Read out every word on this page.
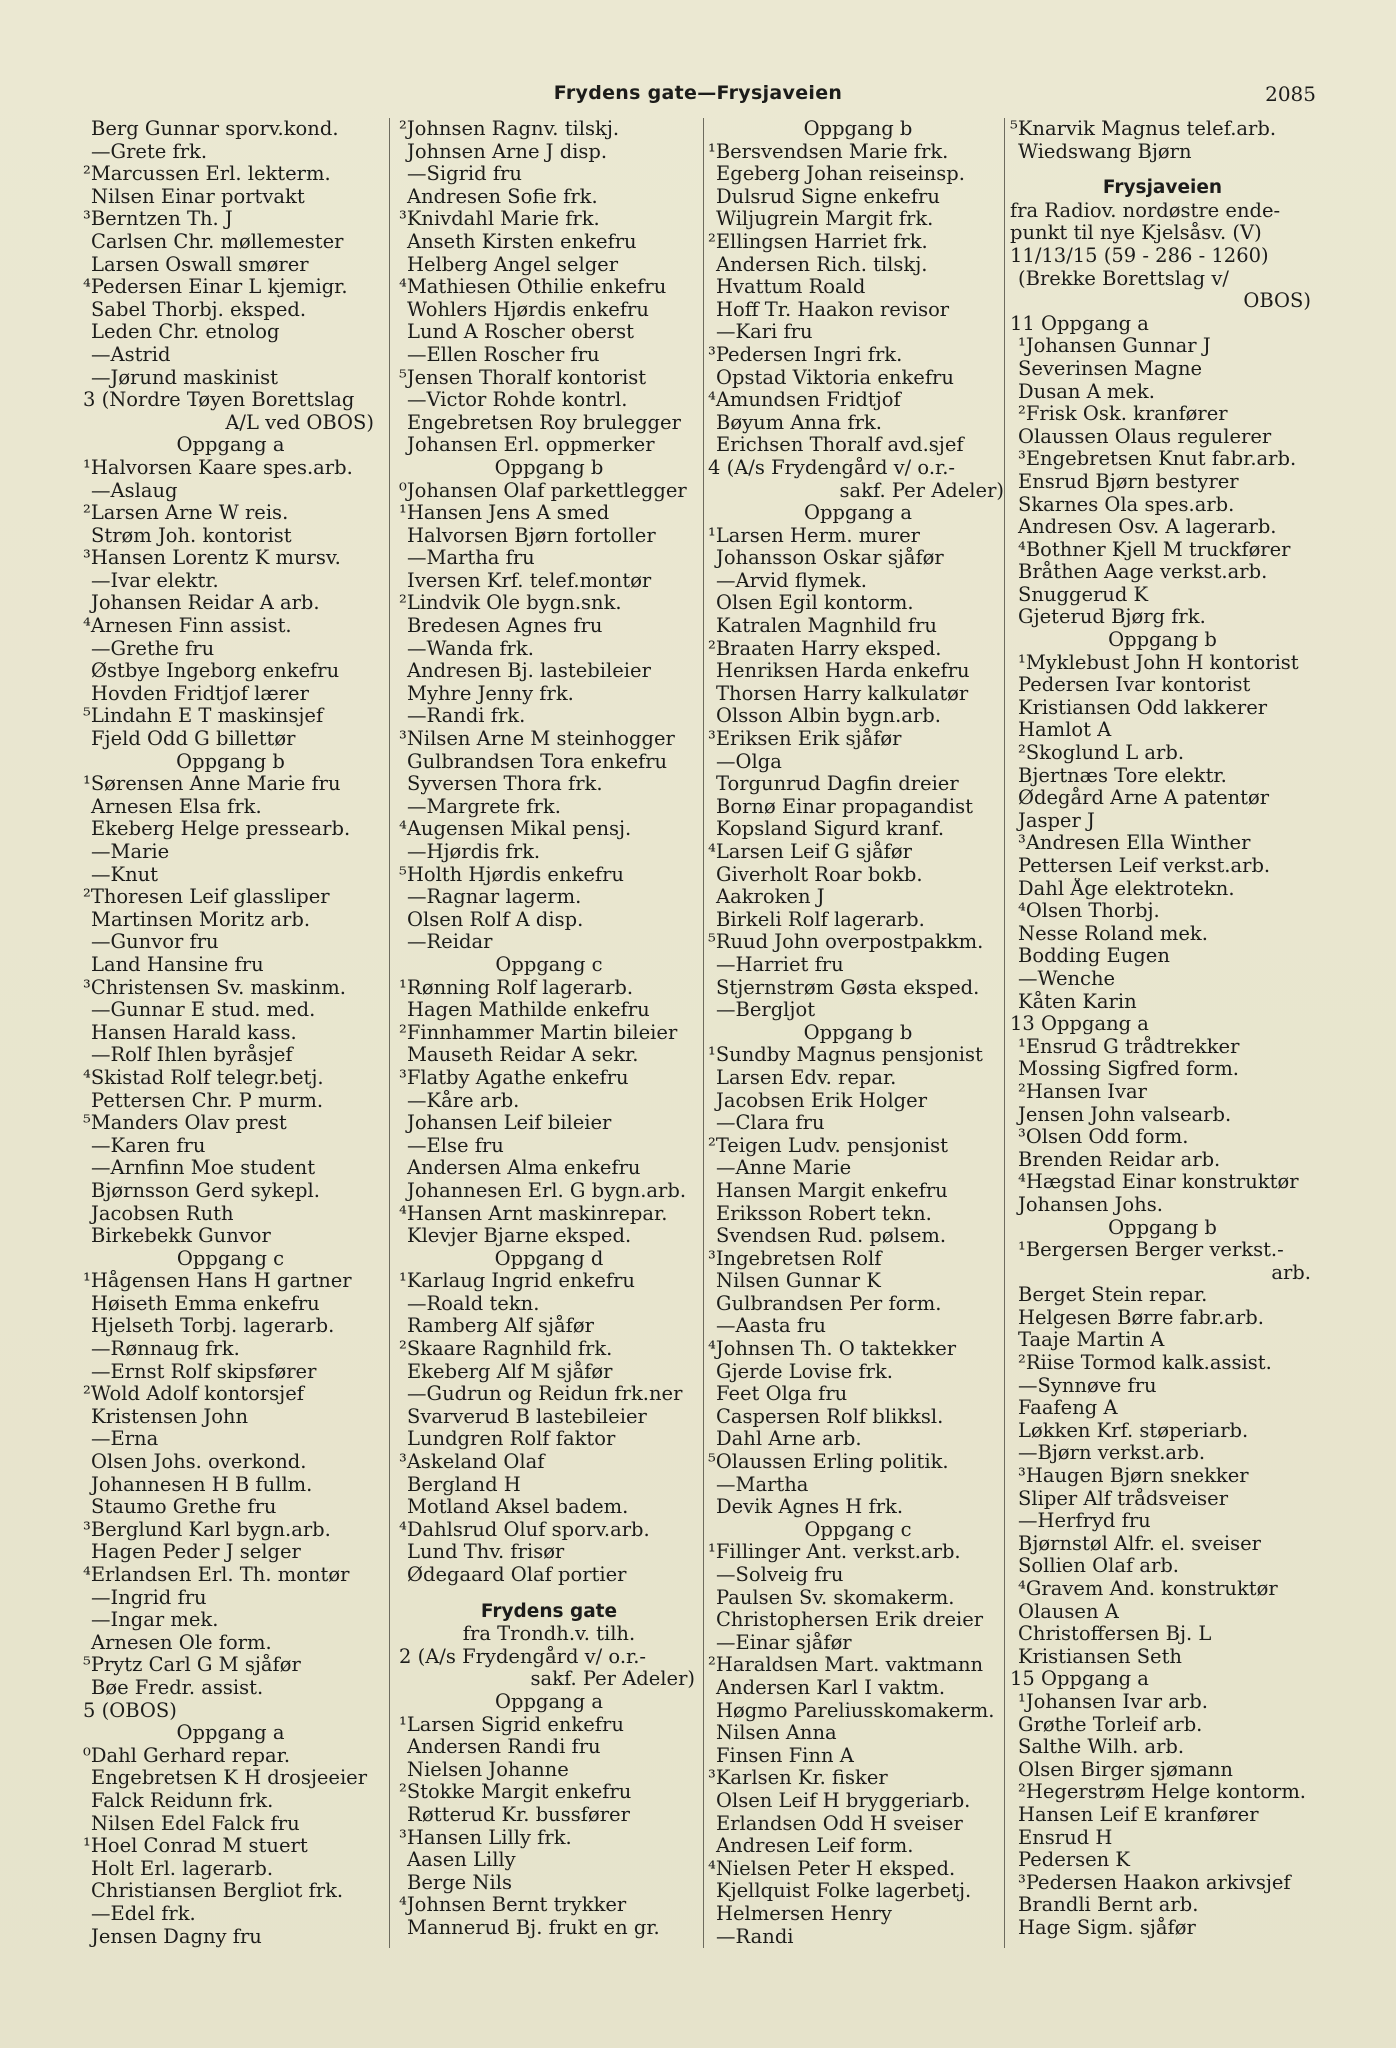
Frydens gate—Frysjaveien	2085
Berg Gunnar sporv.kond.
—Grete frk.
²Marcussen Erl. lekterm.
Nilsen Einar portvakt
³Berntzen Th. J
Carlsen Chr. møllemester
Larsen Oswall smører
⁴Pedersen Einar L kjemigr.
Sabel Thorbj. eksped.
Leden Chr. etnolog
—Astrid
—Jørund maskinist
3 (Nordre Tøyen Borettslag
A/L ved OBOS)
Oppgang a
¹Halvorsen Kaare spes.arb.
—Aslaug
²Larsen Arne W reis.
Strøm Joh. kontorist
³Hansen Lorentz K mursv.
—Ivar elektr.
Johansen Reidar A arb.
⁴Arnesen Finn assist.
—Grethe fru
Østbye Ingeborg enkefru
Hovden Fridtjof lærer
⁵Lindahn E T maskinsjef
Fjeld Odd G billettør
Oppgang b
¹Sørensen Anne Marie fru
Arnesen Elsa frk.
Ekeberg Helge pressearb.
—Marie
—Knut
²Thoresen Leif glassliper
Martinsen Moritz arb.
—Gunvor fru
Land Hansine fru
³Christensen Sv. maskinm.
—Gunnar E stud. med.
Hansen Harald kass.
—Rolf Ihlen byråsjef
⁴Skistad Rolf telegr.betj.
Pettersen Chr. P murm.
⁵Manders Olav prest
—Karen fru
—Arnfinn Moe student
Bjørnsson Gerd sykepl.
Jacobsen Ruth
Birkebekk Gunvor
Oppgang c
¹Hågensen Hans H gartner
Høiseth Emma enkefru
Hjelseth Torbj. lagerarb.
—Rønnaug frk.
—Ernst Rolf skipsfører
²Wold Adolf kontorsjef
Kristensen John
—Erna
Olsen Johs. overkond.
Johannesen H B fullm.
Staumo Grethe fru
³Berglund Karl bygn.arb.
Hagen Peder J selger
⁴Erlandsen Erl. Th. montør
—Ingrid fru
—Ingar mek.
Arnesen Ole form.
⁵Prytz Carl G M sjåfør
Bøe Fredr. assist.
5 (OBOS)
Oppgang a
⁰Dahl Gerhard repar.
Engebretsen K H drosjeeier
Falck Reidunn frk.
Nilsen Edel Falck fru
¹Hoel Conrad M stuert
Holt Erl. lagerarb.
Christiansen Bergliot frk.
—Edel frk.
Jensen Dagny fru
²Johnsen Ragnv. tilskj.
Johnsen Arne J disp.
—Sigrid fru
Andresen Sofie frk.
³Knivdahl Marie frk.
Anseth Kirsten enkefru
Helberg Angel selger
⁴Mathiesen Othilie enkefru
Wohlers Hjørdis enkefru
Lund A Roscher oberst
—Ellen Roscher fru
⁵Jensen Thoralf kontorist
—Victor Rohde kontrl.
Engebretsen Roy brulegger
Johansen Erl. oppmerker
Oppgang b
⁰Johansen Olaf parkettlegger
¹Hansen Jens A smed
Halvorsen Bjørn fortoller
—Martha fru
Iversen Krf. telef.montør
²Lindvik Ole bygn.snk.
Bredesen Agnes fru
—Wanda frk.
Andresen Bj. lastebileier
Myhre Jenny frk.
—Randi frk.
³Nilsen Arne M steinhogger
Gulbrandsen Tora enkefru
Syversen Thora frk.
—Margrete frk.
⁴Augensen Mikal pensj.
—Hjørdis frk.
⁵Holth Hjørdis enkefru
—Ragnar lagerm.
Olsen Rolf A disp.
—Reidar
Oppgang c
¹Rønning Rolf lagerarb.
Hagen Mathilde enkefru
²Finnhammer Martin bileier
Mauseth Reidar A sekr.
³Flatby Agathe enkefru
—Kåre arb.
Johansen Leif bileier
—Else fru
Andersen Alma enkefru
Johannesen Erl. G bygn.arb.
⁴Hansen Arnt maskinrepar.
Klevjer Bjarne eksped.
Oppgang d
¹Karlaug Ingrid enkefru
—Roald tekn.
Ramberg Alf sjåfør
²Skaare Ragnhild frk.
Ekeberg Alf M sjåfør
—Gudrun og Reidun frk.ner
Svarverud B lastebileier
Lundgren Rolf faktor
³Askeland Olaf
Bergland H
Motland Aksel badem.
⁴Dahlsrud Oluf sporv.arb.
Lund Thv. frisør
Ødegaard Olaf portier
Frydens gate
fra Trondh.v. tilh.
2 (A/s Frydengård v/ o.r.-
sakf. Per Adeler)
Oppgang a
¹Larsen Sigrid enkefru
Andersen Randi fru
Nielsen Johanne
²Stokke Margit enkefru
Røtterud Kr. bussfører
³Hansen Lilly frk.
Aasen Lilly
Berge Nils
⁴Johnsen Bernt trykker
Mannerud Bj. frukt en gr.
Oppgang b
¹Bersvendsen Marie frk.
Egeberg Johan reiseinsp.
Dulsrud Signe enkefru
Wiljugrein Margit frk.
²Ellingsen Harriet frk.
Andersen Rich. tilskj.
Hvattum Roald
Hoff Tr. Haakon revisor
—Kari fru
³Pedersen Ingri frk.
Opstad Viktoria enkefru
⁴Amundsen Fridtjof
Bøyum Anna frk.
Erichsen Thoralf avd.sjef
4 (A/s Frydengård v/ o.r.-
sakf. Per Adeler)
Oppgang a
¹Larsen Herm. murer
Johansson Oskar sjåfør
—Arvid flymek.
Olsen Egil kontorm.
Katralen Magnhild fru
²Braaten Harry eksped.
Henriksen Harda enkefru
Thorsen Harry kalkulatør
Olsson Albin bygn.arb.
³Eriksen Erik sjåfør
—Olga
Torgunrud Dagfin dreier
Bornø Einar propagandist
Kopsland Sigurd kranf.
⁴Larsen Leif G sjåfør
Giverholt Roar bokb.
Aakroken J
Birkeli Rolf lagerarb.
⁵Ruud John overpostpakkm.
—Harriet fru
Stjernstrøm Gøsta eksped.
—Bergljot
Oppgang b
¹Sundby Magnus pensjonist
Larsen Edv. repar.
Jacobsen Erik Holger
—Clara fru
²Teigen Ludv. pensjonist
—Anne Marie
Hansen Margit enkefru
Eriksson Robert tekn.
Svendsen Rud. pølsem.
³Ingebretsen Rolf
Nilsen Gunnar K
Gulbrandsen Per form.
—Aasta fru
⁴Johnsen Th. O taktekker
Gjerde Lovise frk.
Feet Olga fru
Caspersen Rolf blikksl.
Dahl Arne arb.
⁵Olaussen Erling politik.
—Martha
Devik Agnes H frk.
Oppgang c
¹Fillinger Ant. verkst.arb.
—Solveig fru
Paulsen Sv. skomakerm.
Christophersen Erik dreier
—Einar sjåfør
²Haraldsen Mart. vaktmann
Andersen Karl I vaktm.
Høgmo Pareliusskomakerm.
Nilsen Anna
Finsen Finn A
³Karlsen Kr. fisker
Olsen Leif H bryggeriarb.
Erlandsen Odd H sveiser
Andresen Leif form.
⁴Nielsen Peter H eksped.
Kjellquist Folke lagerbetj.
Helmersen Henry
—Randi
⁵Knarvik Magnus telef.arb.
Wiedswang Bjørn
Frysjaveien
fra Radiov. nordøstre ende-
punkt til nye Kjelsåsv. (V)
11/13/15 (59 - 286 - 1260)
(Brekke Borettslag v/
OBOS)
11 Oppgang a
¹Johansen Gunnar J
Severinsen Magne
Dusan A mek.
²Frisk Osk. kranfører
Olaussen Olaus regulerer
³Engebretsen Knut fabr.arb.
Ensrud Bjørn bestyrer
Skarnes Ola spes.arb.
Andresen Osv. A lagerarb.
⁴Bothner Kjell M truckfører
Bråthen Aage verkst.arb.
Snuggerud K
Gjeterud Bjørg frk.
Oppgang b
¹Myklebust John H kontorist
Pedersen Ivar kontorist
Kristiansen Odd lakkerer
Hamlot A
²Skoglund L arb.
Bjertnæs Tore elektr.
Ødegård Arne A patentør
Jasper J
³Andresen Ella Winther
Pettersen Leif verkst.arb.
Dahl Åge elektrotekn.
⁴Olsen Thorbj.
Nesse Roland mek.
Bodding Eugen
—Wenche
Kåten Karin
13 Oppgang a
¹Ensrud G trådtrekker
Mossing Sigfred form.
²Hansen Ivar
Jensen John valsearb.
³Olsen Odd form.
Brenden Reidar arb.
⁴Hægstad Einar konstruktør
Johansen Johs.
Oppgang b
¹Bergersen Berger verkst.-
arb.
Berget Stein repar.
Helgesen Børre fabr.arb.
Taaje Martin A
²Riise Tormod kalk.assist.
—Synnøve fru
Faafeng A
Løkken Krf. støperiarb.
—Bjørn verkst.arb.
³Haugen Bjørn snekker
Sliper Alf trådsveiser
—Herfryd fru
Bjørnstøl Alfr. el. sveiser
Sollien Olaf arb.
⁴Gravem And. konstruktør
Olausen A
Christoffersen Bj. L
Kristiansen Seth
15 Oppgang a
¹Johansen Ivar arb.
Grøthe Torleif arb.
Salthe Wilh. arb.
Olsen Birger sjømann
²Hegerstrøm Helge kontorm.
Hansen Leif E kranfører
Ensrud H
Pedersen K
³Pedersen Haakon arkivsjef
Brandli Bernt arb.
Hage Sigm. sjåfør
